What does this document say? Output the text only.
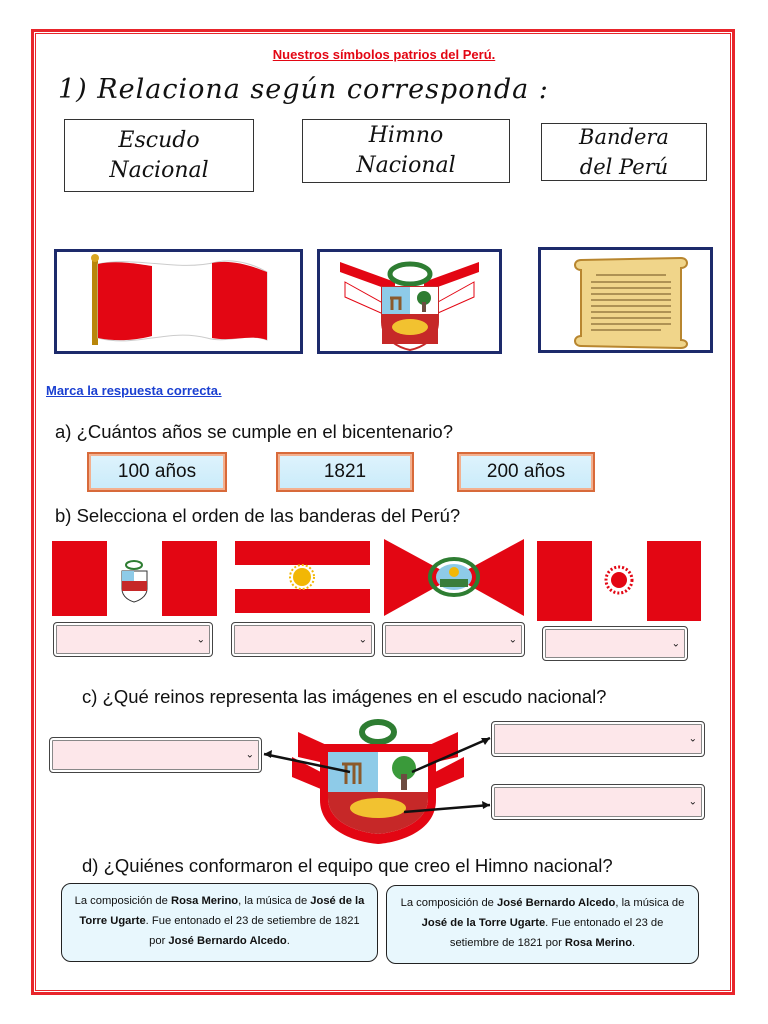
Nuestros símbolos patrios del Perú.
1) Relaciona según corresponda :
Escudo
Nacional
Himno
Nacional
Bandera
del Perú
Marca la respuesta correcta.
a) ¿Cuántos años se cumple en el bicentenario?
100 años	1821	200 años
b) Selecciona el orden de las banderas del Perú?
⌄	⌄	⌄	⌄
c) ¿Qué reinos representa las imágenes en el escudo nacional?
⌄
⌄
⌄
d) ¿Quiénes conformaron el equipo que creo el Himno nacional?
La composición de Rosa Merino, la música de José de la Torre Ugarte. Fue entonado el 23 de setiembre de 1821 por José Bernardo Alcedo.
La composición de José Bernardo Alcedo, la música de José de la Torre Ugarte. Fue entonado el 23 de setiembre de 1821 por Rosa Merino.
